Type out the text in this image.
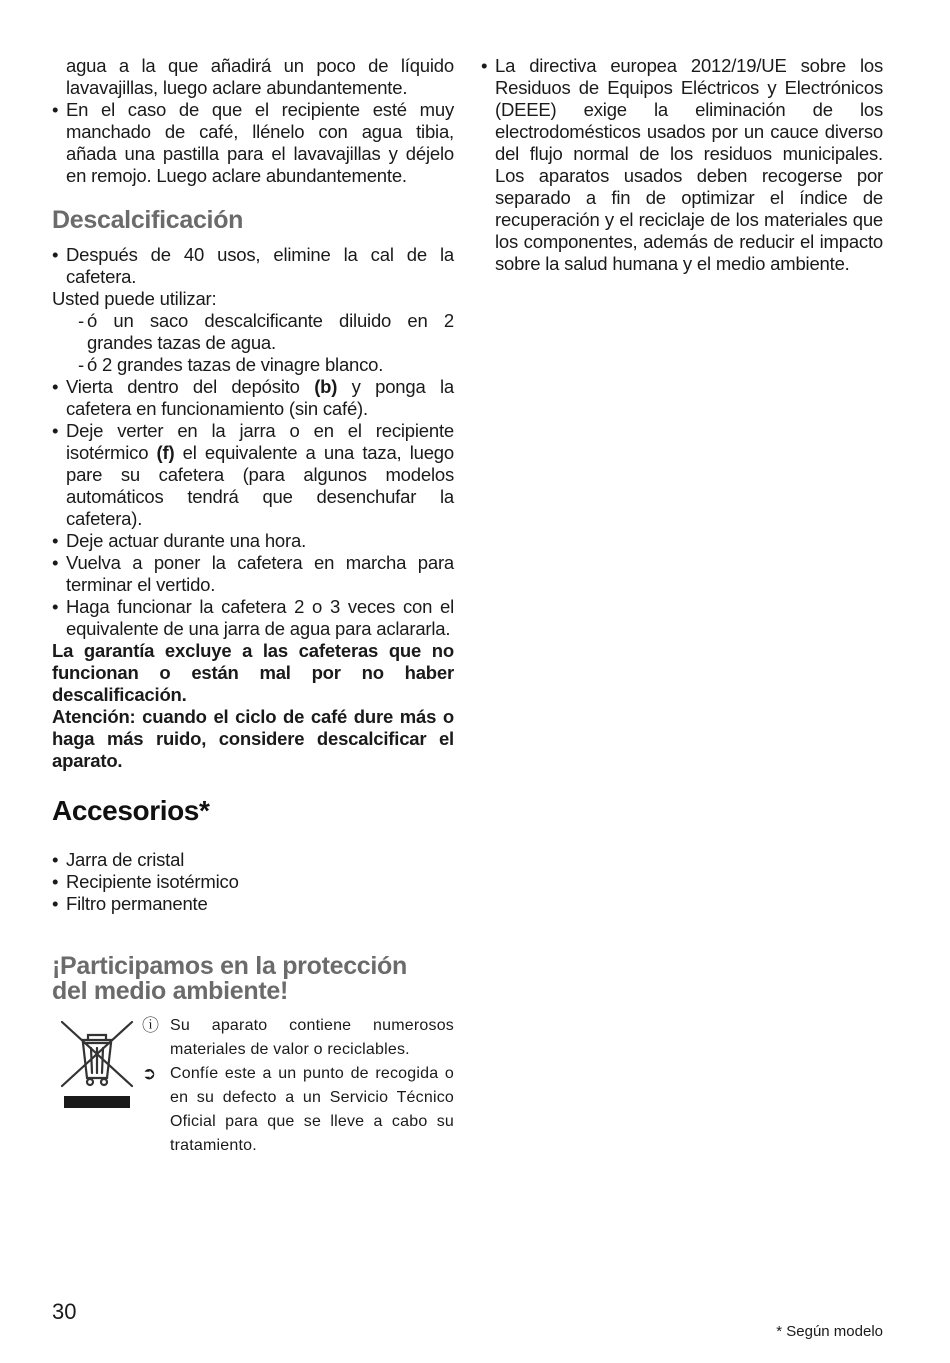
agua a la que añadirá un poco de líquido lavavajillas, luego aclare abundantemente.
• En el caso de que el recipiente esté muy manchado de café, llénelo con agua tibia, añada una pastilla para el lavavajillas y déjelo en remojo. Luego aclare abundantemente.
Descalcificación
• Después de 40 usos, elimine la cal de la cafetera.
Usted puede utilizar:
- ó un saco descalcificante diluido en 2 grandes tazas de agua.
- ó 2 grandes tazas de vinagre blanco.
• Vierta dentro del depósito (b) y ponga la cafetera en funcionamiento (sin café).
• Deje verter en la jarra o en el recipiente isotérmico (f) el equivalente a una taza, luego pare su cafetera (para algunos modelos automáticos tendrá que desenchufar la cafetera).
• Deje actuar durante una hora.
• Vuelva a poner la cafetera en marcha para terminar el vertido.
• Haga funcionar la cafetera 2 o 3 veces con el equivalente de una jarra de agua para aclararla.
La garantía excluye a las cafeteras que no funcionan o están mal por no haber descalificación.
Atención: cuando el ciclo de café dure más o haga más ruido, considere descalcificar el aparato.
Accesorios*
• Jarra de cristal
• Recipiente isotérmico
• Filtro permanente
¡Participamos en la protección
del medio ambiente!
ⓘ Su aparato contiene numerosos materiales de valor o reciclables.
➲ Confíe este a un punto de recogida o en su defecto a un Servicio Técnico Oficial para que se lleve a cabo su tratamiento.
• La directiva europea 2012/19/UE sobre los Residuos de Equipos Eléctricos y Electrónicos (DEEE) exige la eliminación de los electrodomésticos usados por un cauce diverso del flujo normal de los residuos municipales. Los aparatos usados deben recogerse por separado a fin de optimizar el índice de recuperación y el reciclaje de los materiales que los componentes, además de reducir el impacto sobre la salud humana y el medio ambiente.
30
* Según modelo
